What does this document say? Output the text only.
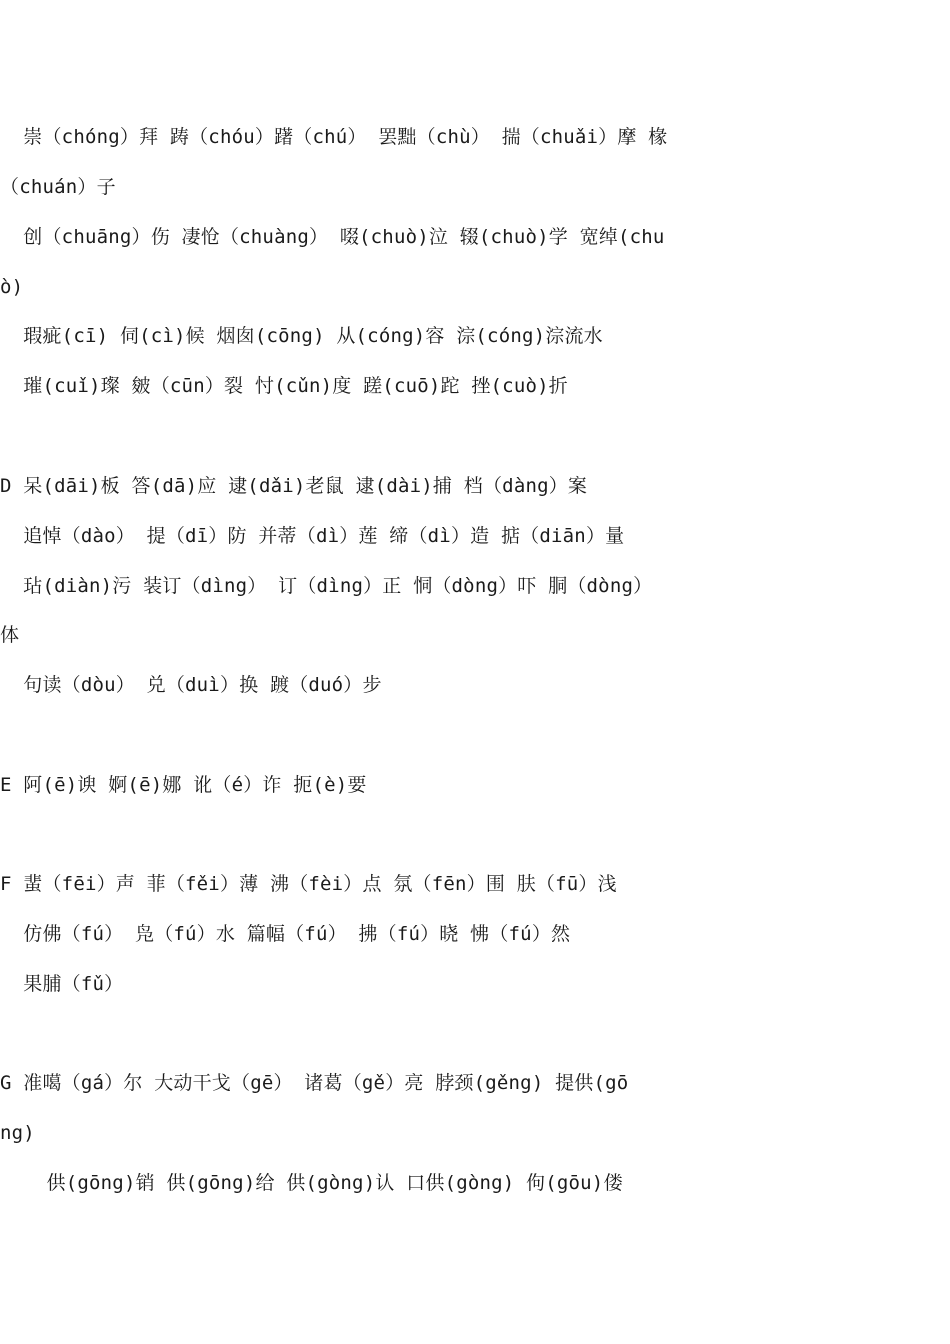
崇（chóng）拜 踌（chóu）躇（chú） 罢黜（chù） 揣（chuǎi）摩 椽
（chuán）子
创（chuāng）伤 凄怆（chuàng） 啜(chuò)泣 辍(chuò)学 宽绰(chu
ò)
瑕疵(cī) 伺(cì)候 烟囱(cōng) 从(cóng)容 淙(cóng)淙流水
璀(cuǐ)璨 皴（cūn）裂 忖(cǔn)度 蹉(cuō)跎 挫(cuò)折
D 呆(dāi)板 答(dā)应 逮(dǎi)老鼠 逮(dài)捕 档（dàng）案
追悼（dào） 提（dī）防 并蒂（dì）莲 缔（dì）造 掂（diān）量
玷(diàn)污 装订（dìng） 订（dìng）正 恫（dòng）吓 胴（dòng）
体
句读（dòu） 兑（duì）换 踱（duó）步
E 阿(ē)谀 婀(ē)娜 讹（é）诈 扼(è)要
F 蜚（fēi）声 菲（fěi）薄 沸（fèi）点 氛（fēn）围 肤（fū）浅
仿佛（fú） 凫（fú）水 篇幅（fú） 拂（fú）晓 怫（fú）然
果脯（fǔ）
G 准噶（gá）尔 大动干戈（gē） 诸葛（gě）亮 脖颈(gěng) 提供(gō
ng)
供(gōng)销 供(gōng)给 供(gòng)认 口供(gòng) 佝(gōu)偻
